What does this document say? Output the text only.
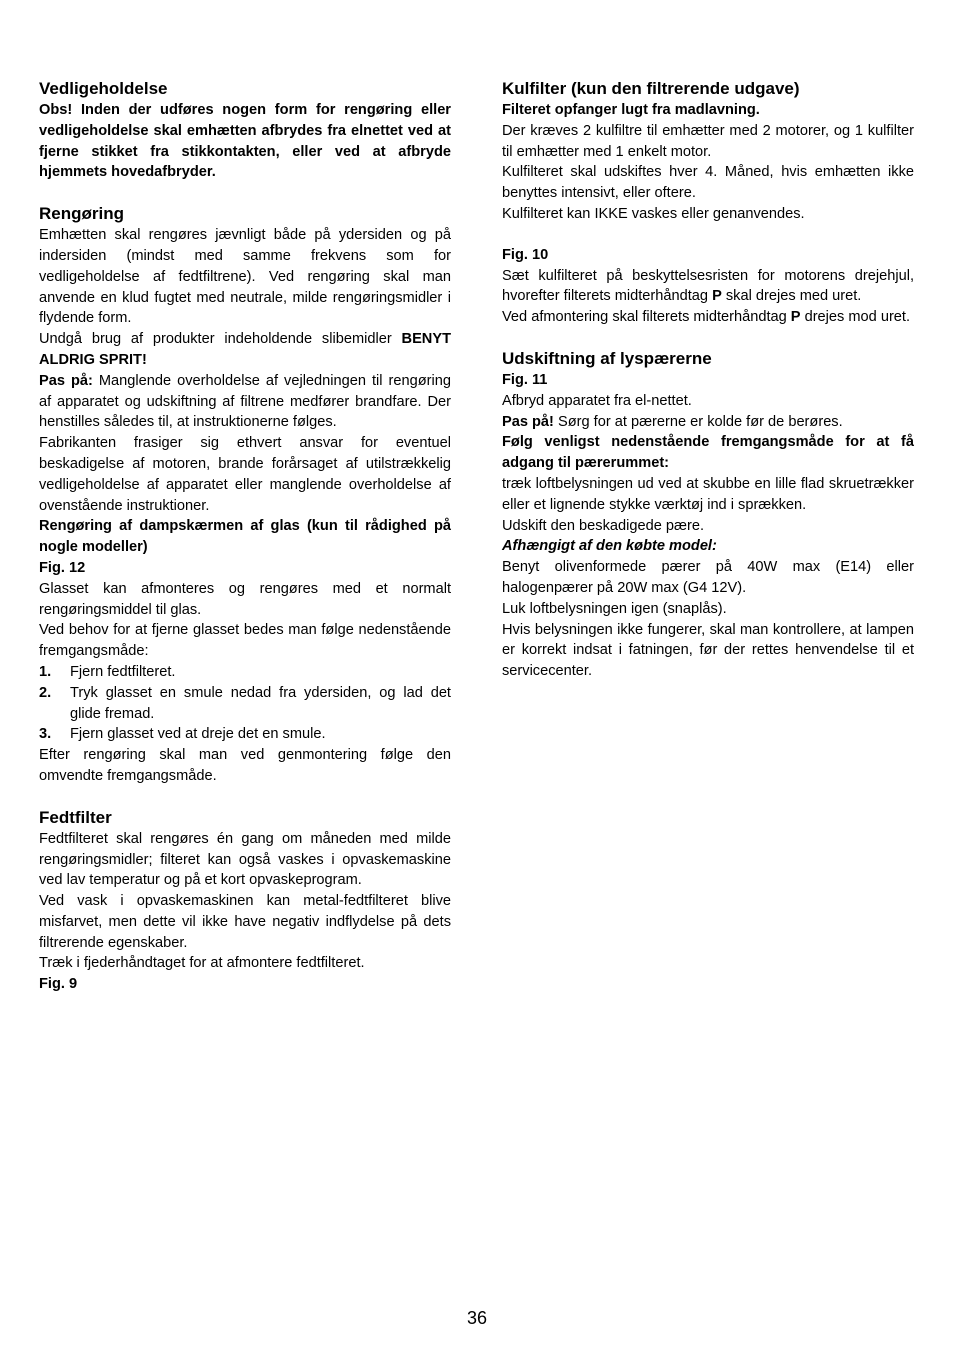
Vedligeholdelse

Obs! Inden der udføres nogen form for rengøring eller vedligeholdelse skal emhætten afbrydes fra elnettet ved at fjerne stikket fra stikkontakten, eller ved at afbryde hjemmets hovedafbryder.

Rengøring

Emhætten skal rengøres jævnligt både på ydersiden og på indersiden (mindst med samme frekvens som for vedligeholdelse af fedtfiltrene). Ved rengøring skal man anvende en klud fugtet med neutrale, milde rengøringsmidler i flydende form.

Undgå brug af produkter indeholdende slibemidler BENYT ALDRIG SPRIT!

Pas på: Manglende overholdelse af vejledningen til rengøring af apparatet og udskiftning af filtrene medfører brandfare. Der henstilles således til, at instruktionerne følges.

Fabrikanten frasiger sig ethvert ansvar for eventuel beskadigelse af motoren, brande forårsaget af utilstrækkelig vedligeholdelse af apparatet eller manglende overholdelse af ovenstående instruktioner.

Rengøring af dampskærmen af glas (kun til rådighed på nogle modeller)

Fig. 12

Glasset kan afmonteres og rengøres med et normalt rengøringsmiddel til glas.

Ved behov for at fjerne glasset bedes man følge nedenstående fremgangsmåde:

1.	Fjern fedtfilteret.
2.	Tryk glasset en smule nedad fra ydersiden, og lad det glide fremad.
3.	Fjern glasset ved at dreje det en smule.

Efter rengøring skal man ved genmontering følge den omvendte fremgangsmåde.

Fedtfilter

Fedtfilteret skal rengøres én gang om måneden med milde rengøringsmidler; filteret kan også vaskes i opvaskemaskine ved lav temperatur og på et kort opvaskeprogram.

Ved vask i opvaskemaskinen kan metal-fedtfilteret blive misfarvet, men dette vil ikke have negativ indflydelse på dets filtrerende egenskaber.

Træk i fjederhåndtaget for at afmontere fedtfilteret.

Fig. 9

Kulfilter (kun den filtrerende udgave)

Filteret opfanger lugt fra madlavning.

Der kræves 2 kulfiltre til emhætter med 2 motorer, og 1 kulfilter til emhætter med 1 enkelt motor.

Kulfilteret skal udskiftes hver 4. Måned, hvis emhætten ikke benyttes intensivt, eller oftere.

Kulfilteret kan IKKE vaskes eller genanvendes.

Fig. 10

Sæt kulfilteret på beskyttelsesristen for motorens drejehjul, hvorefter filterets midterhåndtag P skal drejes med uret.

Ved afmontering skal filterets midterhåndtag P drejes mod uret.

Udskiftning af lyspærerne

Fig. 11

Afbryd apparatet fra el-nettet.

Pas på! Sørg for at pærerne er kolde før de berøres.

Følg venligst nedenstående fremgangsmåde for at få adgang til pærerummet:

træk loftbelysningen ud ved at skubbe en lille flad skruetrækker eller et lignende stykke værktøj ind i sprækken.

Udskift den beskadigede pære.

Afhængigt af den købte model:

Benyt olivenformede pærer på 40W max (E14) eller halogenpærer på 20W max (G4 12V).

Luk loftbelysningen igen (snaplås).

Hvis belysningen ikke fungerer, skal man kontrollere, at lampen er korrekt indsat i fatningen, før der rettes henvendelse til et servicecenter.

36
